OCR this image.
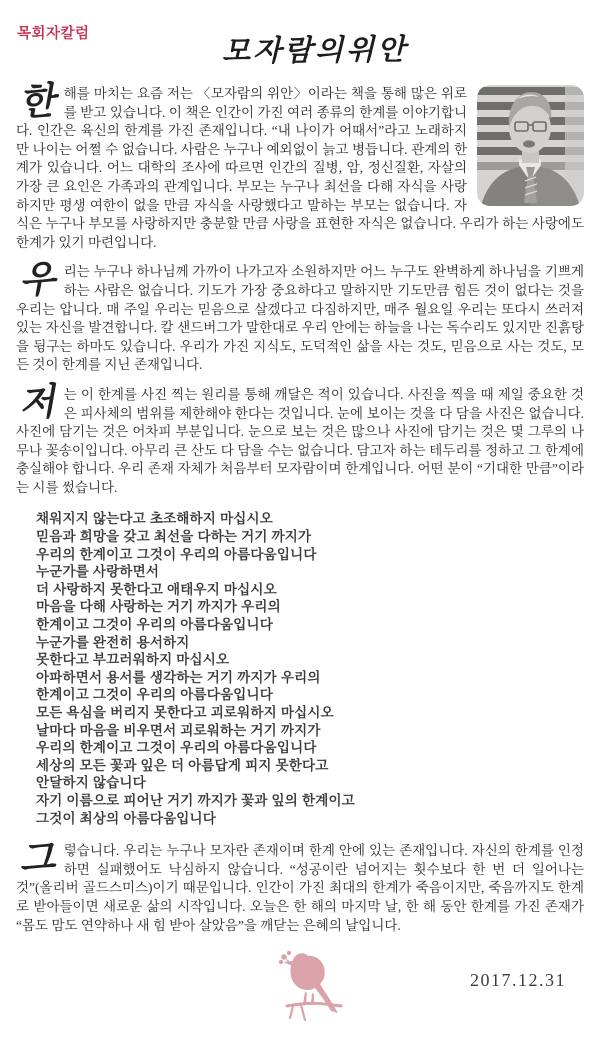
목회자칼럼	모자람의위안

한해를 마치는 요즘 저는 〈모자람의 위안〉이라는 책을 통해 많은 위로를 받고 있습니다. 이 책은 인간이 가진 여러 종류의 한계를 이야기합니다. 인간은 육신의 한계를 가진 존재입니다. “내 나이가 어때서”라고 노래하지만 나이는 어쩔 수 없습니다. 사람은 누구나 예외없이 늙고 병듭니다. 관계의 한계가 있습니다. 어느 대학의 조사에 따르면 인간의 질병, 암, 정신질환, 자살의 가장 큰 요인은 가족과의 관계입니다. 부모는 누구나 최선을 다해 자식을 사랑하지만 평생 여한이 없을 만큼 자식을 사랑했다고 말하는 부모는 없습니다. 자식은 누구나 부모를 사랑하지만 충분할 만큼 사랑을 표현한 자식은 없습니다. 우리가 하는 사랑에도 한계가 있기 마련입니다.

우리는 누구나 하나님께 가까이 나가고자 소원하지만 어느 누구도 완벽하게 하나님을 기쁘게 하는 사람은 없습니다. 기도가 가장 중요하다고 말하지만 기도만큼 힘든 것이 없다는 것을 우리는 압니다. 매 주일 우리는 믿음으로 살겠다고 다짐하지만, 매주 월요일 우리는 또다시 쓰러져 있는 자신을 발견합니다. 칼 샌드버그가 말한대로 우리 안에는 하늘을 나는 독수리도 있지만 진흙탕을 뒹구는 하마도 있습니다. 우리가 가진 지식도, 도덕적인 삶을 사는 것도, 믿음으로 사는 것도, 모든 것이 한계를 지닌 존재입니다.

저는 이 한계를 사진 찍는 원리를 통해 깨달은 적이 있습니다. 사진을 찍을 때 제일 중요한 것은 피사체의 범위를 제한해야 한다는 것입니다. 눈에 보이는 것을 다 담을 사진은 없습니다. 사진에 담기는 것은 어차피 부분입니다. 눈으로 보는 것은 많으나 사진에 담기는 것은 몇 그루의 나무나 꽃송이입니다. 아무리 큰 산도 다 담을 수는 없습니다. 담고자 하는 테두리를 정하고 그 한계에 충실해야 합니다. 우리 존재 자체가 처음부터 모자람이며 한계입니다. 어떤 분이 “기대한 만큼”이라는 시를 썼습니다.

채워지지 않는다고 초조해하지 마십시오
믿음과 희망을 갖고 최선을 다하는 거기 까지가
우리의 한계이고 그것이 우리의 아름다움입니다
누군가를 사랑하면서
더 사랑하지 못한다고 애태우지 마십시오
마음을 다해 사랑하는 거기 까지가 우리의
한계이고 그것이 우리의 아름다움입니다
누군가를 완전히 용서하지
못한다고 부끄러워하지 마십시오
아파하면서 용서를 생각하는 거기 까지가 우리의
한계이고 그것이 우리의 아름다움입니다
모든 욕심을 버리지 못한다고 괴로워하지 마십시오
날마다 마음을 비우면서 괴로워하는 거기 까지가
우리의 한계이고 그것이 우리의 아름다움입니다
세상의 모든 꽃과 잎은 더 아름답게 피지 못한다고
안달하지 않습니다
자기 이름으로 피어난 거기 까지가 꽃과 잎의 한계이고
그것이 최상의 아름다움입니다

그렇습니다. 우리는 누구나 모자란 존재이며 한계 안에 있는 존재입니다. 자신의 한계를 인정하면 실패했어도 낙심하지 않습니다. “성공이란 넘어지는 횟수보다 한 번 더 일어나는 것”(올리버 골드스미스)이기 때문입니다. 인간이 가진 최대의 한계가 죽음이지만, 죽음까지도 한계로 받아들이면 새로운 삶의 시작입니다. 오늘은 한 해의 마지막 날, 한 해 동안 한계를 가진 존재가 “몸도 맘도 연약하나 새 힘 받아 살았음”을 깨닫는 은혜의 날입니다.

2017.12.31
